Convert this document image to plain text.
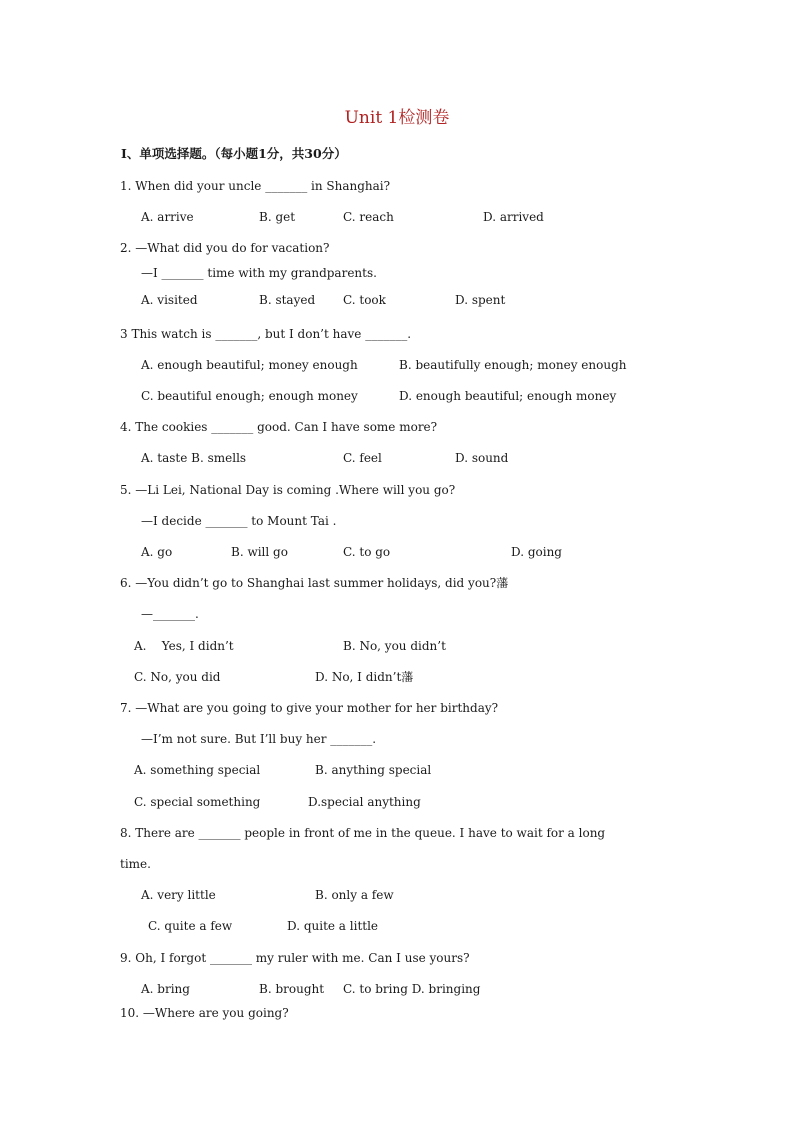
Unit 1检测卷
Ⅰ、单项选择题。（每小题1分，共30分）
1. When did your uncle _______ in Shanghai?
A. arrive	B. get	C. reach	D. arrived
2. —What did you do for vacation?
—I _______ time with my grandparents.
A. visited	B. stayed C. took	D. spent
3 This watch is _______, but I don’t have _______.
A. enough beautiful; money enough	B. beautifully enough; money enough
C. beautiful enough; enough money	D. enough beautiful; enough money
4. The cookies _______ good. Can I have some more?
A. taste B. smells	C. feel	D. sound
5. —Li Lei, National Day is coming .Where will you go?
—I decide _______ to Mount Tai .
A. go	B. will go	C. to go	D. going
6. —You didn’t go to Shanghai last summer holidays, did you?藩
—_______.
A.    Yes, I didn’t	B. No, you didn’t
C. No, you did	D. No, I didn’t藩
7. —What are you going to give your mother for her birthday?
—I’m not sure. But I’ll buy her _______.
A. something special	B. anything special
C. special something	D.special anything
8. There are _______ people in front of me in the queue. I have to wait for a long
time.
A. very little	B. only a few
C. quite a few	D. quite a little
9. Oh, I forgot _______ my ruler with me. Can I use yours?
A. bring	B. brought C. to bring D. bringing
10. —Where are you going?
